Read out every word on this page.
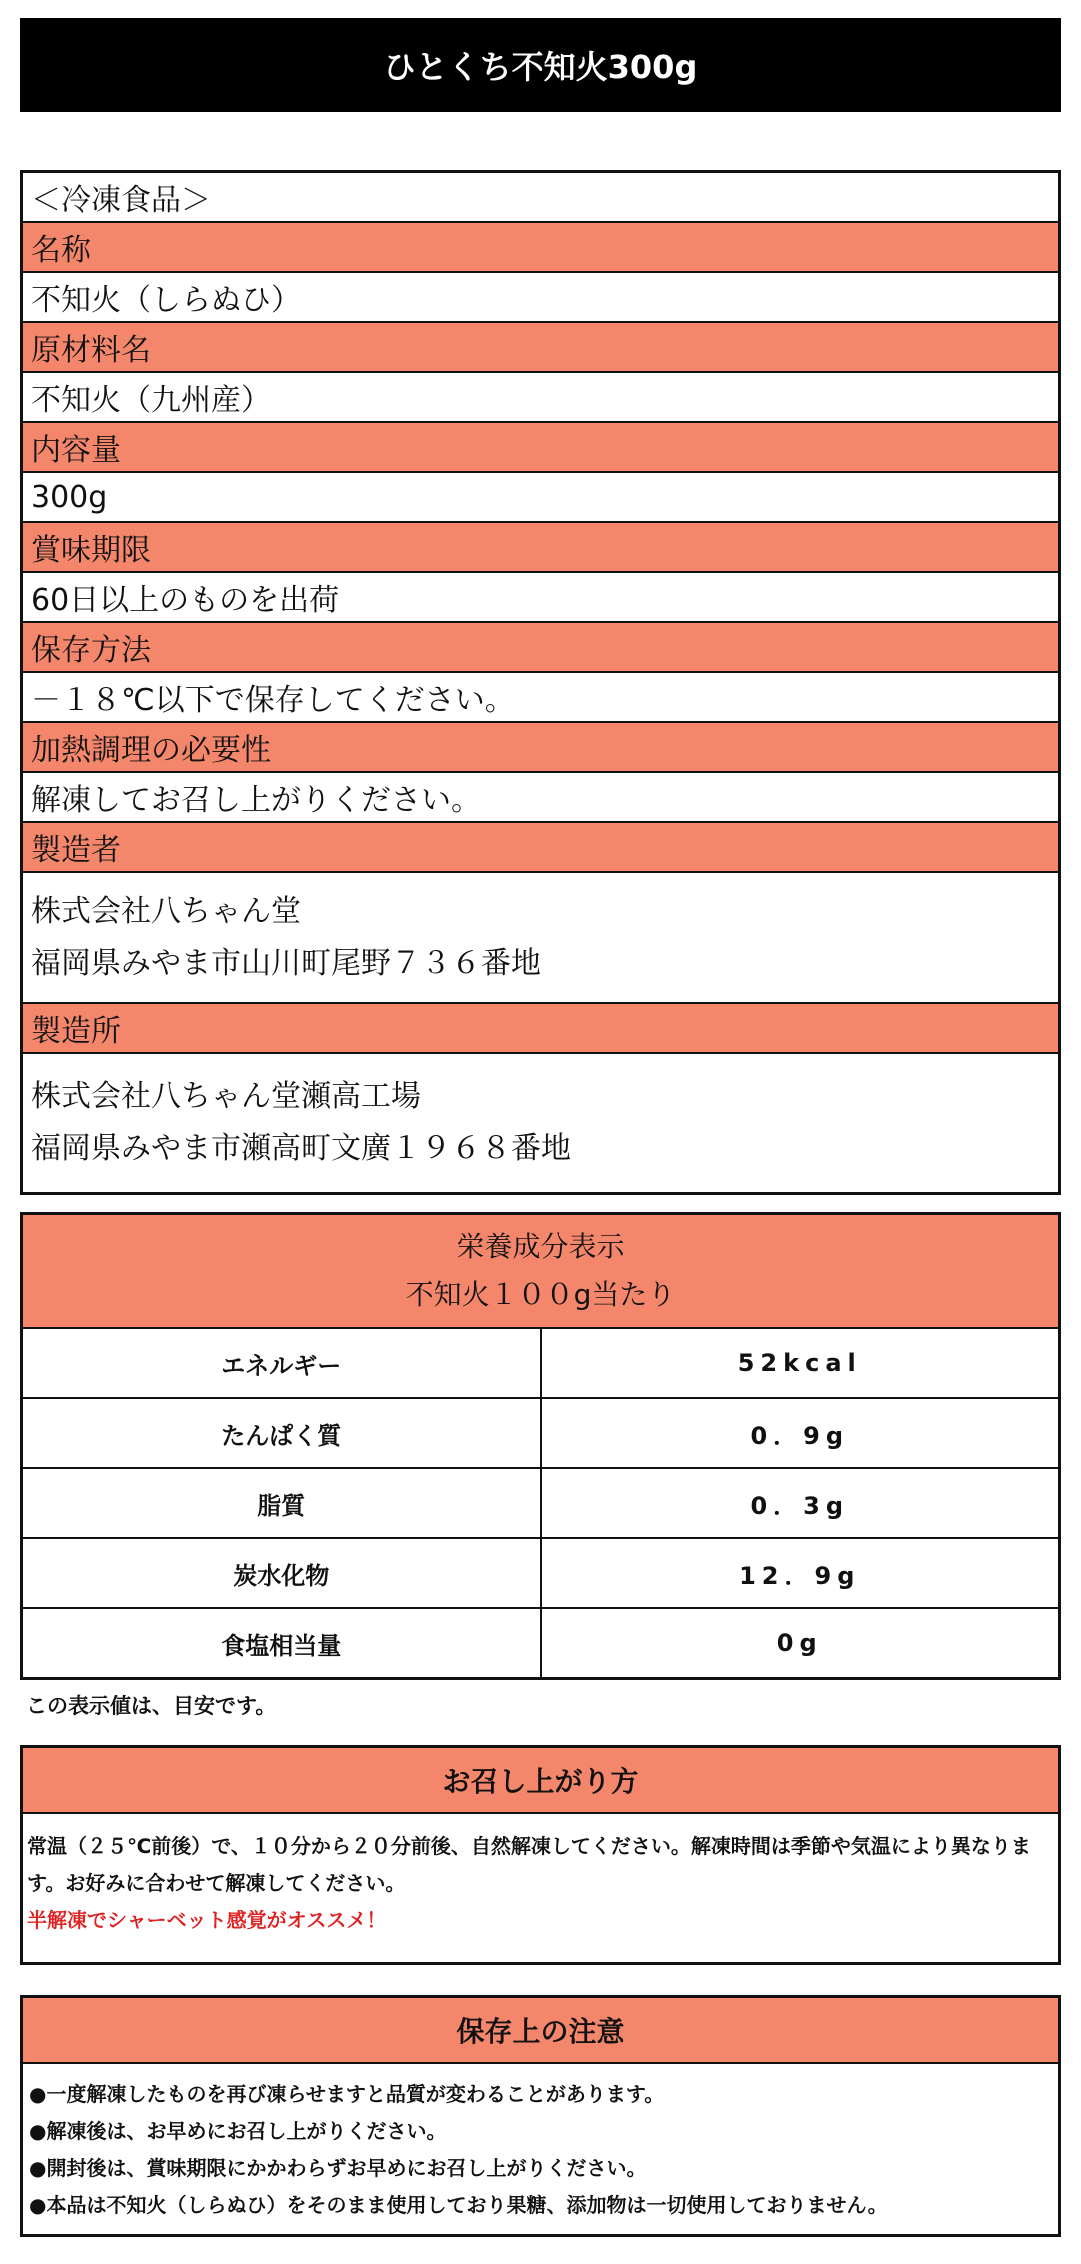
ひとくち不知火300g
＜冷凍食品＞
名称
不知火（しらぬひ）
原材料名
不知火（九州産）
内容量
300g
賞味期限
60日以上のものを出荷
保存方法
－１８℃以下で保存してください。
加熱調理の必要性
解凍してお召し上がりください。
製造者
株式会社八ちゃん堂
福岡県みやま市山川町尾野７３６番地
製造所
株式会社八ちゃん堂瀬高工場
福岡県みやま市瀬高町文廣１９６８番地
栄養成分表示
不知火１００g当たり
エネルギー	52kcal
たんぱく質	0．9g
脂質	0．3g
炭水化物	12．9g
食塩相当量	0g
この表示値は、目安です。
お召し上がり方
常温（２５℃前後）で、１０分から２０分前後、自然解凍してください。解凍時間は季節や気温により異なります。お好みに合わせて解凍してください。
半解凍でシャーベット感覚がオススメ！
保存上の注意
●一度解凍したものを再び凍らせますと品質が変わることがあります。
●解凍後は、お早めにお召し上がりください。
●開封後は、賞味期限にかかわらずお早めにお召し上がりください。
●本品は不知火（しらぬひ）をそのまま使用しており果糖、添加物は一切使用しておりません。
